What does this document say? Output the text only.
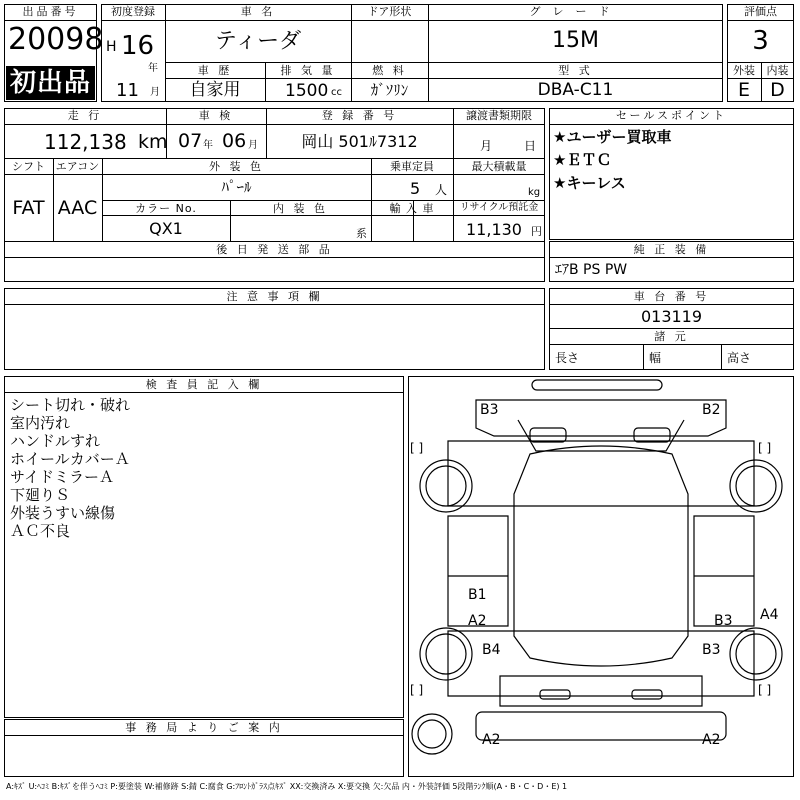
出品番号
20098
初出品
初度登録
H 16
年
11 月
車 名
ティーダ
ドア形状	グレード
15M
車 歴
自家用
排 気 量
1500 cc
燃 料
ｶﾞｿﾘﾝ
型 式
DBA-C11
評価点
3
外装	内装
E	D
走 行
112,138 km
車 検
07 年 06 月
登 録 番 号
岡山 501ﾙ7312
譲渡書類期限
月	日
シフト エアコン
FAT AAC
外 装 色
ﾊﾟｰﾙ
乗車定員
5 人
最大積載量
kg
カラー No.
QX1
内 装 色
系
輸 入 車	リサイクル預託金
11,130 円
後 日 発 送 部 品
セールスポイント
★ユーザー買取車
★ＥＴＣ
★キーレス
純 正 装 備
ｴｱB PS PW
注 意 事 項 欄	車 台 番 号
013119
諸 元
長さ	幅	高さ
検 査 員 記 入 欄
シート切れ・破れ
室内汚れ
ハンドルすれ
ホイールカバーＡ
サイドミラーＡ
下廻りＳ
外装うすい線傷
ＡＣ不良
事 務 局 よ り ご 案 内
[ ]	[ ]
[ ]	[ ]
B3	B2
B1
A2	B3 A4
B4	B3
A2	A2
A:ｷｽﾞ U:ﾍｺﾐ B:ｷｽﾞを伴うﾍｺﾐ P:要塗装 W:補修跡 S:錆 C:腐食 G:ﾌﾛﾝﾄｶﾞﾗｽ点ｷｽﾞ XX:交換済み X:要交換 欠:欠品 内・外装評価 5段階ﾗﾝｸ順(A・B・C・D・E) 1
